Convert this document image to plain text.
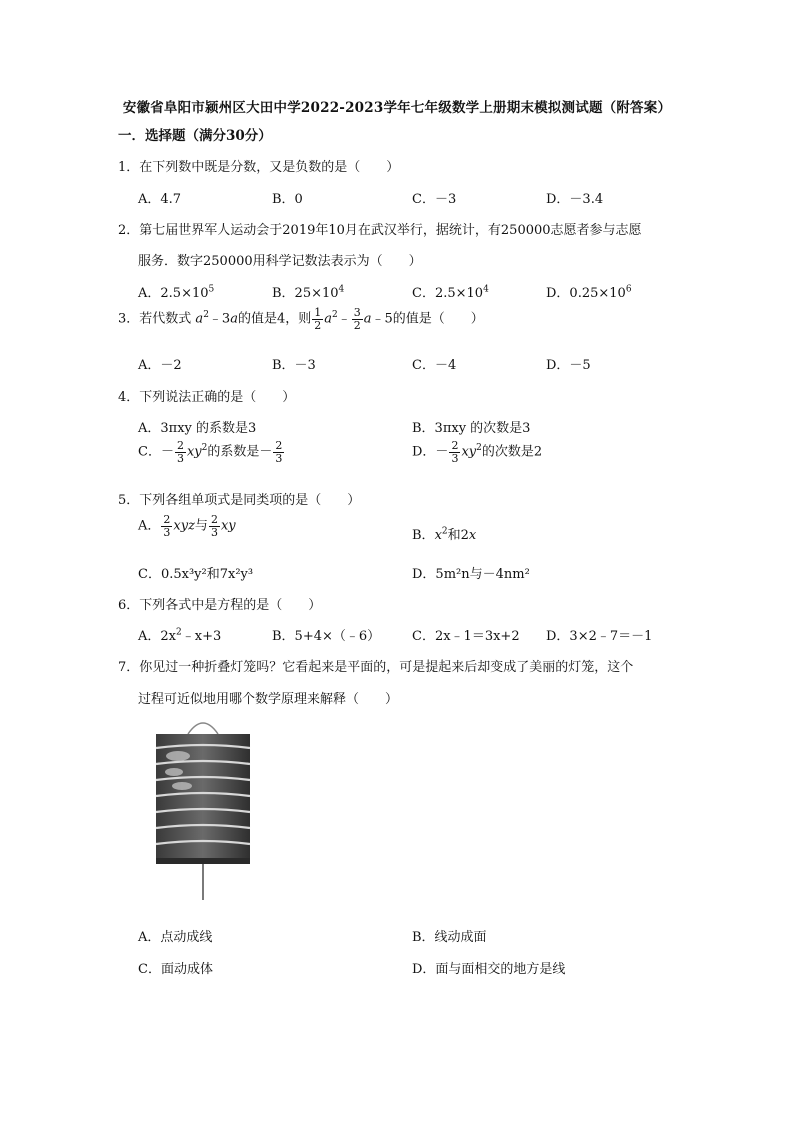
安徽省阜阳市颍州区大田中学2022-2023学年七年级数学上册期末模拟测试题（附答案）
一．选择题（满分30分）
1．在下列数中既是分数，又是负数的是（　　）
A．4.7	B．0	C．－3	D．－3.4
2．第七届世界军人运动会于2019年10月在武汉举行，据统计，有250000志愿者参与志愿
服务．数字250000用科学记数法表示为（　　）
A．$2.5\times 10^5$	B．$25\times 10^4$	C．$2.5\times 10^4$	D．$0.25\times 10^6$
3．若代数式 $a^2﹣3a$的值是4，则 $\frac{1}{2}$ $a^2﹣ \frac{3}{2}$ a﹣5的值是（　　）
A．－2	B．－3	C．－4	D．－5
4．下列说法正确的是（　　）
A．3πxy 的系数是3	B．3πxy 的次数是3
C．－ $\frac{2}{3} xy^2$的系数是－ $\frac{2}{3}$	D．－ $\frac{2}{3} xy^2$的次数是2
5．下列各组单项式是同类项的是（　　）
A． $\frac{2}{3}$ xyz与 $\frac{2}{3}$ xy
B．$x^2$和2x
C．0.5x³y²和7x²y³	D．5m²n与－4nm²
6．下列各式中是方程的是（　　）
A．$2x^2﹣x+3$	B．5+4×（﹣6） C．2x﹣1＝3x+2 D．3×2﹣7＝－1
7．你见过一种折叠灯笼吗？它看起来是平面的，可是提起来后却变成了美丽的灯笼，这个
过程可近似地用哪个数学原理来解释（　　）
A．点动成线	B．线动成面
C．面动成体	D．面与面相交的地方是线
